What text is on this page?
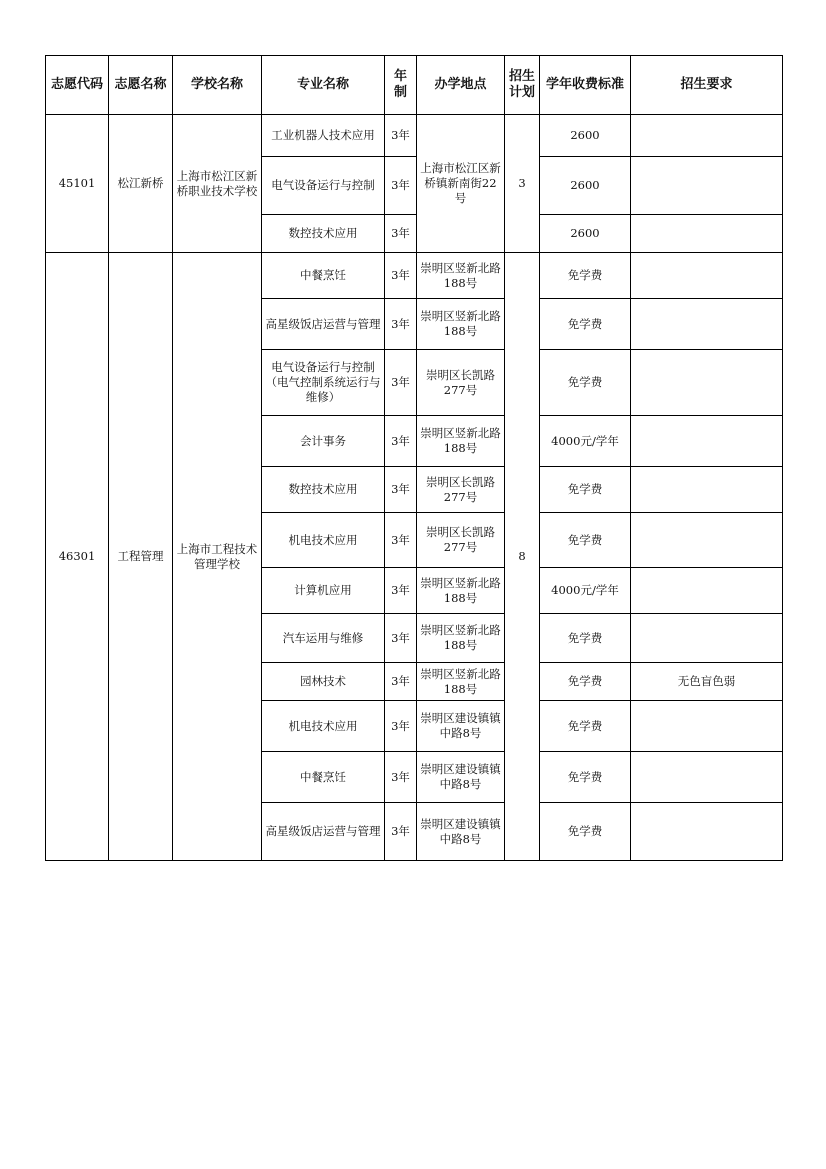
志愿代码	志愿名称	学校名称	专业名称	年制	办学地点	招生计划	学年收费标准	招生要求
45101	松江新桥	上海市松江区新桥职业技术学校	工业机器人技术应用	3年	上海市松江区新桥镇新南街22号	3	2600	
			电气设备运行与控制	3年			2600	
			数控技术应用	3年			2600	
46301	工程管理	上海市工程技术管理学校	中餐烹饪	3年	崇明区竖新北路188号	8	免学费	
			高星级饭店运营与管理	3年	崇明区竖新北路188号		免学费	
			电气设备运行与控制（电气控制系统运行与维修）	3年	崇明区长凯路277号		免学费	
			会计事务	3年	崇明区竖新北路188号		4000元/学年	
			数控技术应用	3年	崇明区长凯路277号		免学费	
			机电技术应用	3年	崇明区长凯路277号		免学费	
			计算机应用	3年	崇明区竖新北路188号		4000元/学年	
			汽车运用与维修	3年	崇明区竖新北路188号		免学费	
			园林技术	3年	崇明区竖新北路188号		免学费	无色盲色弱
			机电技术应用	3年	崇明区建设镇镇中路8号		免学费	
			中餐烹饪	3年	崇明区建设镇镇中路8号		免学费	
			高星级饭店运营与管理	3年	崇明区建设镇镇中路8号		免学费	
